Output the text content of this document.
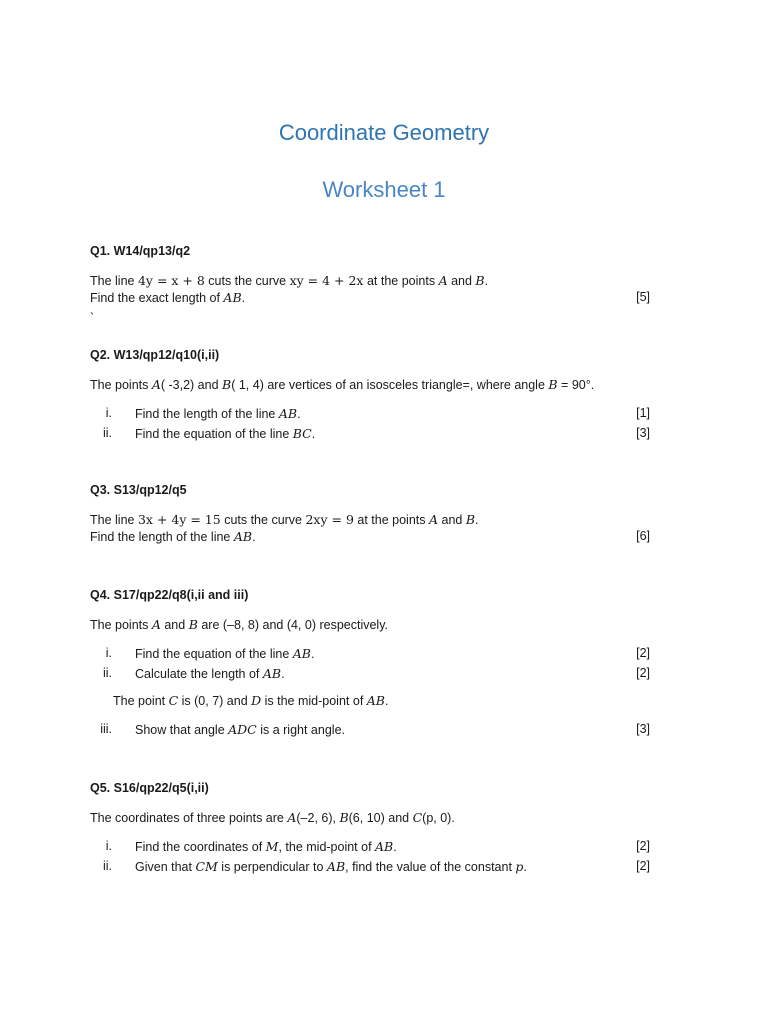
Coordinate Geometry
Worksheet 1
Q1. W14/qp13/q2
The line 4y = x + 8 cuts the curve xy = 4 + 2x at the points A and B.
Find the exact length of AB.	[5]
`
Q2. W13/qp12/q10(i,ii)
The points A( -3,2) and B( 1, 4) are vertices of an isosceles triangle=, where angle B = 90°.
i. Find the length of the line AB.	[1]
ii. Find the equation of the line BC.	[3]
Q3. S13/qp12/q5
The line 3x + 4y = 15 cuts the curve 2xy = 9 at the points A and B.
Find the length of the line AB.	[6]
Q4. S17/qp22/q8(i,ii and iii)
The points A and B are (–8, 8) and (4, 0) respectively.
i. Find the equation of the line AB.	[2]
ii. Calculate the length of AB.	[2]
The point C is (0, 7) and D is the mid-point of AB.
iii. Show that angle ADC is a right angle.	[3]
Q5. S16/qp22/q5(i,ii)
The coordinates of three points are A(–2, 6), B(6, 10) and C(p, 0).
i. Find the coordinates of M, the mid-point of AB.	[2]
ii. Given that CM is perpendicular to AB, find the value of the constant p.	[2]
